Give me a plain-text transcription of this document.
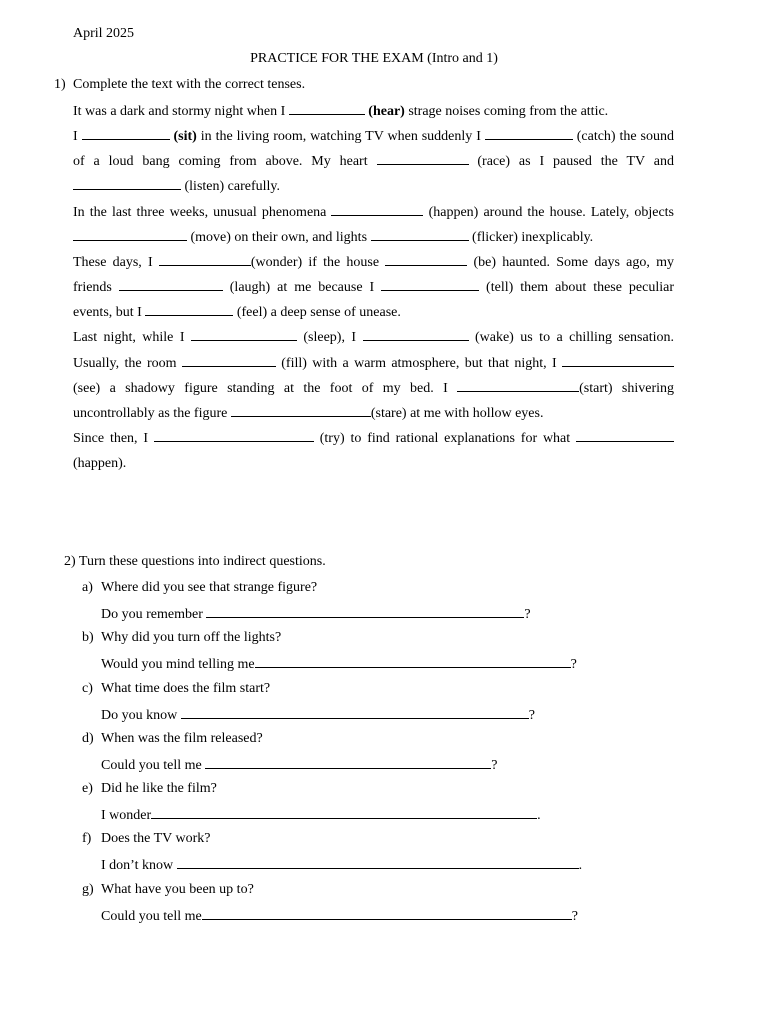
April 2025
PRACTICE FOR THE EXAM (Intro and 1)
1) Complete the text with the correct tenses.

It was a dark and stormy night when I	(hear) strage noises coming from the attic.

I	(sit) in the living room, watching TV when suddenly I	(catch) the sound of a loud bang coming from above. My heart	(race) as I paused the TV and  (listen) carefully.

In the last three weeks, unusual phenomena	(happen) around the house. Lately, objects  (move) on their own, and lights	(flicker) inexplicably.

These days, I	(wonder) if the house	(be) haunted. Some days ago, my friends	(laugh) at me because I	(tell) them about these peculiar events, but I	(feel) a deep sense of unease.

Last night, while I	(sleep), I	(wake) us to a chilling sensation. Usually, the room	(fill) with a warm atmosphere, but that night, I  (see) a shadowy figure standing at the foot of my bed. I	(start) shivering uncontrollably as the figure	(stare) at me with hollow eyes.

Since then, I	(try) to find rational explanations for what  (happen).

2) Turn these questions into indirect questions.
a) Where did you see that strange figure?
Do you remember	?
b) Why did you turn off the lights?
Would you mind telling me	?
c) What time does the film start?
Do you know	?
d) When was the film released?
Could you tell me	?
e) Did he like the film?
I wonder	.
f) Does the TV work?
I don’t know	.
g) What have you been up to?
Could you tell me	?
